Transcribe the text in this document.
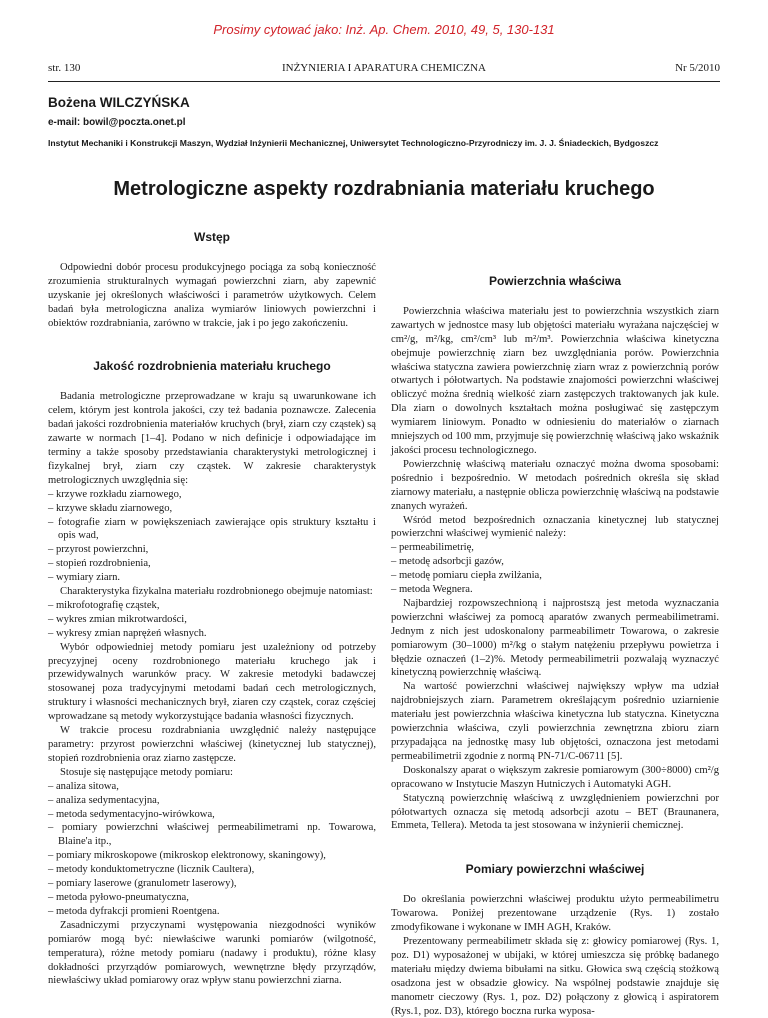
Prosimy cytować jako: Inż. Ap. Chem. 2010, 49, 5, 130-131
str. 130	INŻYNIERIA I APARATURA CHEMICZNA	Nr 5/2010
Bożena WILCZYŃSKA
e-mail: bowil@poczta.onet.pl
Instytut Mechaniki i Konstrukcji Maszyn, Wydział Inżynierii Mechanicznej, Uniwersytet Technologiczno-Przyrodniczy im. J. J. Śniadeckich, Bydgoszcz
Metrologiczne aspekty rozdrabniania materiału kruchego
Wstęp

Odpowiedni dobór procesu produkcyjnego pociąga za sobą konieczność zrozumienia strukturalnych wymagań powierzchni ziarn, aby zapewnić uzyskanie jej określonych właściwości i parametrów użytkowych. Celem badań była metrologiczna analiza wymiarów liniowych powierzchni i obiektów rozdrabniania, zarówno w trakcie, jak i po jego zakończeniu.

Jakość rozdrobnienia materiału kruchego

Badania metrologiczne przeprowadzane w kraju są uwarunkowane ich celem, którym jest kontrola jakości, czy też badania poznawcze. Zalecenia badań jakości rozdrobnienia materiałów kruchych (brył, ziarn czy cząstek) są zawarte w normach [1–4]. Podano w nich definicje i odpowiadające im terminy a także sposoby przedstawiania charakterystyki metrologicznej i fizykalnej brył, ziarn czy cząstek. W zakresie charakterystyk metrologicznych uwzględnia się:

– krzywe rozkładu ziarnowego,
– krzywe składu ziarnowego,
– fotografie ziarn w powiększeniach zawierające opis struktury kształtu i opis wad,
– przyrost powierzchni,
– stopień rozdrobnienia,
– wymiary ziarn.

Charakterystyka fizykalna materiału rozdrobnionego obejmuje natomiast:

– mikrofotografię cząstek,
– wykres zmian mikrotwardości,
– wykresy zmian naprężeń własnych.

Wybór odpowiedniej metody pomiaru jest uzależniony od potrzeby precyzyjnej oceny rozdrobnionego materiału kruchego jak i przewidywalnych warunków pracy. W zakresie metodyki badawczej stosowanej poza tradycyjnymi metodami badań cech metrologicznych, struktury i własności mechanicznych brył, ziaren czy cząstek, coraz częściej wprowadzane są metody wykorzystujące badania własności fizycznych.

W trakcie procesu rozdrabniania uwzględnić należy następujące parametry: przyrost powierzchni właściwej (kinetycznej lub statycznej), stopień rozdrobnienia oraz ziarno zastępcze.

Stosuje się następujące metody pomiaru:

– analiza sitowa,
– analiza sedymentacyjna,
– metoda sedymentacyjno-wirówkowa,
– pomiary powierzchni właściwej permeabilimetrami np. Towarowa, Blaine'a itp.,
– pomiary mikroskopowe (mikroskop elektronowy, skaningowy),
– metody konduktometryczne (licznik Caultera),
– pomiary laserowe (granulometr laserowy),
– metoda pyłowo-pneumatyczna,
– metoda dyfrakcji promieni Roentgena.

Zasadniczymi przyczynami występowania niezgodności wyników pomiarów mogą być: niewłaściwe warunki pomiarów (wilgotność, temperatura), różne metody pomiaru (nadawy i produktu), różne klasy dokładności przyrządów pomiarowych, wewnętrzne błędy przyrządów, niewłaściwy układ pomiarowy oraz wpływ stanu powierzchni ziarna.

Powierzchnia właściwa

Powierzchnia właściwa materiału jest to powierzchnia wszystkich ziarn zawartych w jednostce masy lub objętości materiału wyrażana najczęściej w cm²/g, m²/kg, cm²/cm³ lub m²/m³. Powierzchnia właściwa kinetyczna obejmuje powierzchnię ziarn bez uwzględniania porów. Powierzchnia właściwa statyczna zawiera powierzchnię ziarn wraz z powierzchnią porów otwartych i półotwartych. Na podstawie znajomości powierzchni właściwej obliczyć można średnią wielkość ziarn zastępczych traktowanych jak kule. Dla ziarn o dowolnych kształtach można posługiwać się zastępczym wymiarem liniowym. Ponadto w odniesieniu do materiałów o ziarnach mniejszych od 100 mm, przyjmuje się powierzchnię właściwą jako wskaźnik jakości procesu technologicznego.

Powierzchnię właściwą materiału oznaczyć można dwoma sposobami: pośrednio i bezpośrednio. W metodach pośrednich określa się skład ziarnowy materiału, a następnie oblicza powierzchnię właściwą na podstawie znanych wyrażeń.

Wśród metod bezpośrednich oznaczania kinetycznej lub statycznej powierzchni właściwej wymienić należy:

– permeabilimetrię,
– metodę adsorbcji gazów,
– metodę pomiaru ciepła zwilżania,
– metoda Wegnera.

Najbardziej rozpowszechnioną i najprostszą jest metoda wyznaczania powierzchni właściwej za pomocą aparatów zwanych permeabilimetrami. Jednym z nich jest udoskonalony parmeabilimetr Towarowa, o zakresie pomiarowym (30–1000) m²/kg o stałym natężeniu przepływu powietrza i błędzie oznaczeń (1–2)%. Metody permeabilimetrii pozwalają wyznaczyć kinetyczną powierzchnię właściwą.

Na wartość powierzchni właściwej największy wpływ ma udział najdrobniejszych ziarn. Parametrem określającym pośrednio uziarnienie materiału jest powierzchnia właściwa kinetyczna lub statyczna. Kinetyczna powierzchnia właściwa, czyli powierzchnia zewnętrzna zbioru ziarn przypadająca na jednostkę masy lub objętości, oznaczona jest metodami permeabilimetrii zgodnie z normą PN-71/C-06711 [5].

Doskonalszy aparat o większym zakresie pomiarowym (300÷8000) cm²/g opracowano w Instytucie Maszyn Hutniczych i Automatyki AGH.

Statyczną powierzchnię właściwą z uwzględnieniem powierzchni por półotwartych oznacza się metodą adsorbcji azotu – BET (Braunanera, Emmeta, Tellera). Metoda ta jest stosowana w inżynierii chemicznej.

Pomiary powierzchni właściwej

Do określania powierzchni właściwej produktu użyto permeabilimetru Towarowa. Poniżej prezentowane urządzenie (Rys. 1) zostało zmodyfikowane i wykonane w IMH AGH, Kraków.

Prezentowany permeabilimetr składa się z: głowicy pomiarowej (Rys. 1, poz. D1) wyposażonej w ubijaki, w której umieszcza się próbkę badanego materiału między dwiema bibułami na sitku. Głowica swą częścią stożkową osadzona jest w obsadzie głowicy. Na wspólnej podstawie znajduje się manometr cieczowy (Rys. 1, poz. D2) połączony z głowicą i aspiratorem (Rys.1, poz. D3), którego boczna rurka wyposa-
